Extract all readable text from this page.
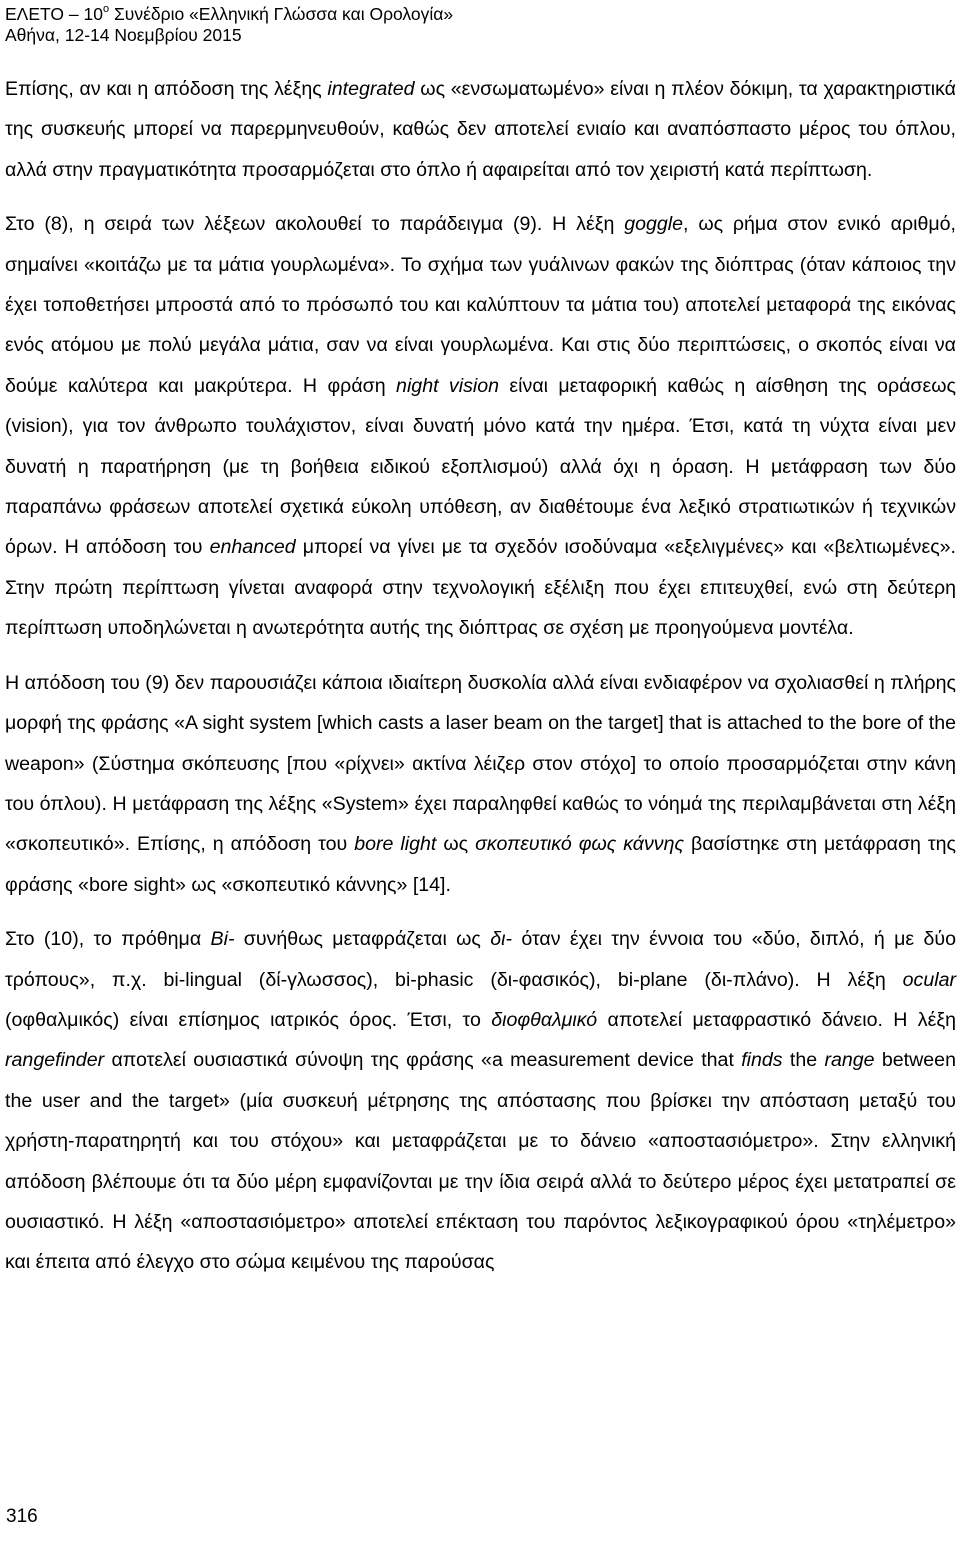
ΕΛΕΤΟ – $10^o$ Συνέδριο «Ελληνική Γλώσσα και Ορολογία»
Αθήνα, 12-14 Νοεμβρίου 2015

Επίσης, αν και η απόδοση της λέξης integrated ως «ενσωματωμένο» είναι η πλέον δόκιμη, τα χαρακτηριστικά της συσκευής μπορεί να παρερμηνευθούν, καθώς δεν αποτελεί ενιαίο και αναπόσπαστο μέρος του όπλου, αλλά στην πραγματικότητα προσαρμόζεται στο όπλο ή αφαιρείται από τον χειριστή κατά περίπτωση.

Στο (8), η σειρά των λέξεων ακολουθεί το παράδειγμα (9). Η λέξη goggle, ως ρήμα στον ενικό αριθμό, σημαίνει «κοιτάζω με τα μάτια γουρλωμένα». Το σχήμα των γυάλινων φακών της διόπτρας (όταν κάποιος την έχει τοποθετήσει μπροστά από το πρόσωπό του και καλύπτουν τα μάτια του) αποτελεί μεταφορά της εικόνας ενός ατόμου με πολύ μεγάλα μάτια, σαν να είναι γουρλωμένα. Και στις δύο περιπτώσεις, ο σκοπός είναι να δούμε καλύτερα και μακρύτερα. Η φράση night vision είναι μεταφορική καθώς η αίσθηση της οράσεως (vision), για τον άνθρωπο τουλάχιστον, είναι δυνατή μόνο κατά την ημέρα. Έτσι, κατά τη νύχτα είναι μεν δυνατή η παρατήρηση (με τη βοήθεια ειδικού εξοπλισμού) αλλά όχι η όραση. Η μετάφραση των δύο παραπάνω φράσεων αποτελεί σχετικά εύκολη υπόθεση, αν διαθέτουμε ένα λεξικό στρατιωτικών ή τεχνικών όρων. Η απόδοση του enhanced μπορεί να γίνει με τα σχεδόν ισοδύναμα «εξελιγμένες» και «βελτιωμένες». Στην πρώτη περίπτωση γίνεται αναφορά στην τεχνολογική εξέλιξη που έχει επιτευχθεί, ενώ στη δεύτερη περίπτωση υποδηλώνεται η ανωτερότητα αυτής της διόπτρας σε σχέση με προηγούμενα μοντέλα.

Η απόδοση του (9) δεν παρουσιάζει κάποια ιδιαίτερη δυσκολία αλλά είναι ενδιαφέρον να σχολιασθεί η πλήρης μορφή της φράσης «A sight system [which casts a laser beam on the target] that is attached to the bore of the weapon» (Σύστημα σκόπευσης [που «ρίχνει» ακτίνα λέιζερ στον στόχο] το οποίο προσαρμόζεται στην κάνη του όπλου). Η μετάφραση της λέξης «System» έχει παραληφθεί καθώς το νόημά της περιλαμβάνεται στη λέξη «σκοπευτικό». Επίσης, η απόδοση του bore light ως σκοπευτικό φως κάννης βασίστηκε στη μετάφραση της φράσης «bore sight» ως «σκοπευτικό κάννης» [14].

Στο (10), το πρόθημα Bi- συνήθως μεταφράζεται ως δι- όταν έχει την έννοια του «δύο, διπλό, ή με δύο τρόπους», π.χ. bi-lingual (δί-γλωσσος), bi-phasic (δι-φασικός), bi-plane (δι-πλάνο). Η λέξη ocular (οφθαλμικός) είναι επίσημος ιατρικός όρος. Έτσι, το διοφθαλμικό αποτελεί μεταφραστικό δάνειο. Η λέξη rangefinder αποτελεί ουσιαστικά σύνοψη της φράσης «a measurement device that finds the range between the user and the target» (μία συσκευή μέτρησης της απόστασης που βρίσκει την απόσταση μεταξύ του χρήστη-παρατηρητή και του στόχου» και μεταφράζεται με το δάνειο «αποστασιόμετρο». Στην ελληνική απόδοση βλέπουμε ότι τα δύο μέρη εμφανίζονται με την ίδια σειρά αλλά το δεύτερο μέρος έχει μετατραπεί σε ουσιαστικό. Η λέξη «αποστασιόμετρο» αποτελεί επέκταση του παρόντος λεξικογραφικού όρου «τηλέμετρο» και έπειτα από έλεγχο στο σώμα κειμένου της παρούσας

316
